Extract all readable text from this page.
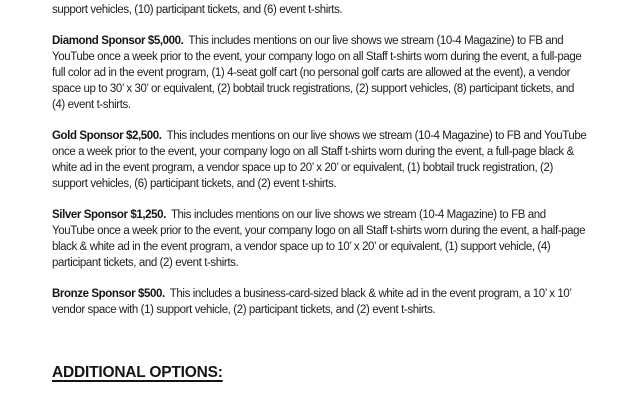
support vehicles, (10) participant tickets, and (6) event t-shirts.

Diamond Sponsor $5,000. This includes mentions on our live shows we stream (10-4 Magazine) to FB and YouTube once a week prior to the event, your company logo on all Staff t-shirts worn during the event, a full-page full color ad in the event program, (1) 4-seat golf cart (no personal golf carts are allowed at the event), a vendor space up to 30’ x 30’ or equivalent, (2) bobtail truck registrations, (2) support vehicles, (8) participant tickets, and (4) event t-shirts.

Gold Sponsor $2,500. This includes mentions on our live shows we stream (10-4 Magazine) to FB and YouTube once a week prior to the event, your company logo on all Staff t-shirts worn during the event, a full-page black & white ad in the event program, a vendor space up to 20’ x 20’ or equivalent, (1) bobtail truck registration, (2) support vehicles, (6) participant tickets, and (2) event t-shirts.

Silver Sponsor $1,250. This includes mentions on our live shows we stream (10-4 Magazine) to FB and YouTube once a week prior to the event, your company logo on all Staff t-shirts worn during the event, a half-page black & white ad in the event program, a vendor space up to 10’ x 20’ or equivalent, (1) support vehicle, (4) participant tickets, and (2) event t-shirts.

Bronze Sponsor $500. This includes a business-card-sized black & white ad in the event program, a 10’ x 10’ vendor space with (1) support vehicle, (2) participant tickets, and (2) event t-shirts.

ADDITIONAL OPTIONS:
